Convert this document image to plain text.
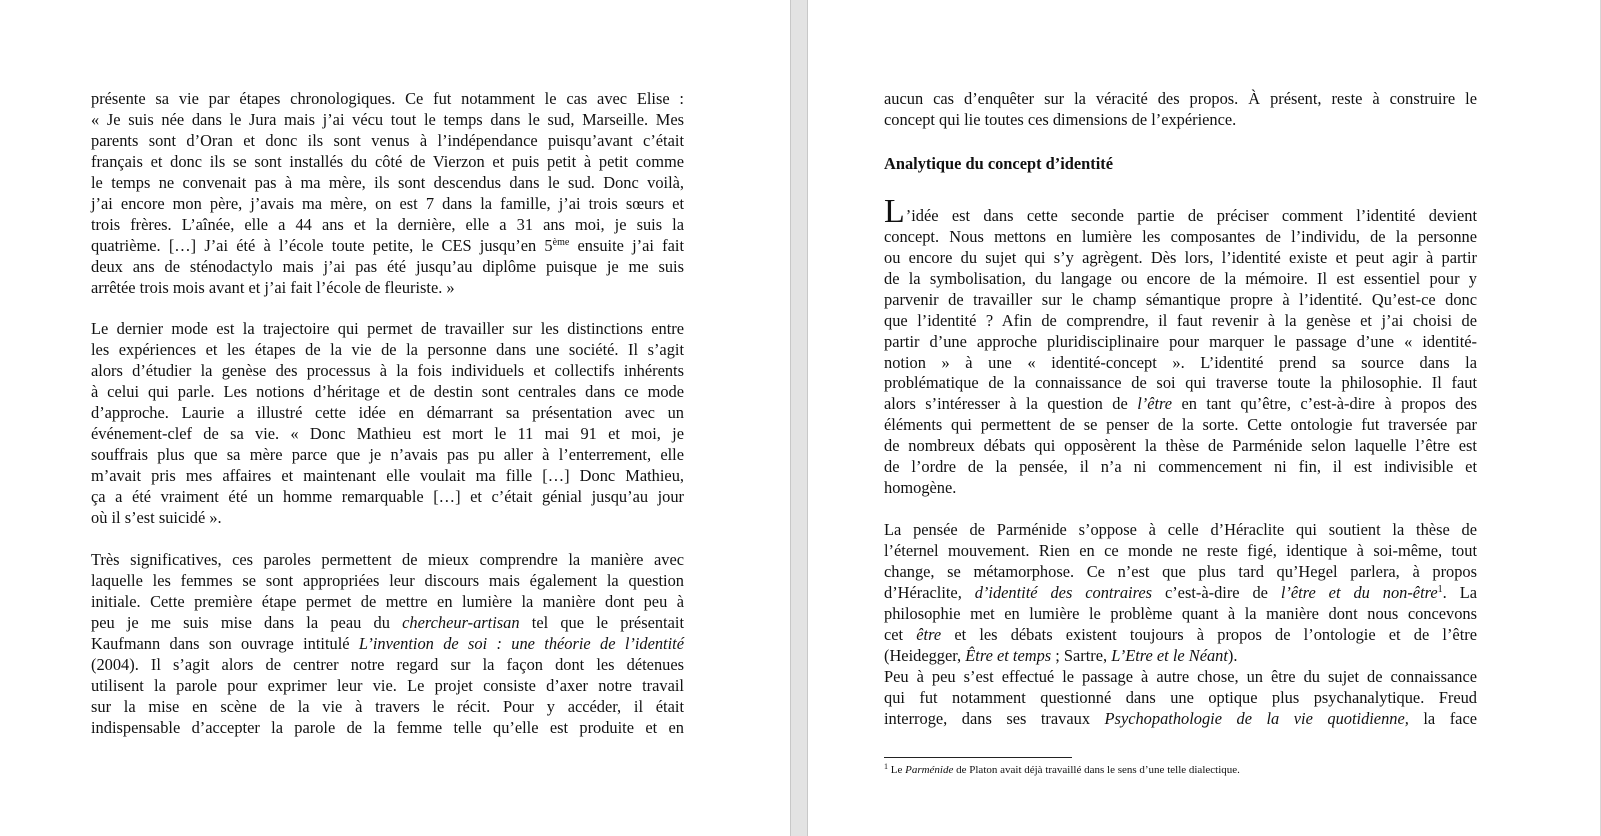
présente sa vie par étapes chronologiques. Ce fut notamment le cas avec Elise :
« Je suis née dans le Jura mais j’ai vécu tout le temps dans le sud, Marseille. Mes
parents sont d’Oran et donc ils sont venus à l’indépendance puisqu’avant c’était
français et donc ils se sont installés du côté de Vierzon et puis petit à petit comme
le temps ne convenait pas à ma mère, ils sont descendus dans le sud. Donc voilà,
j’ai encore mon père, j’avais ma mère, on est 7 dans la famille, j’ai trois sœurs et
trois frères. L’aînée, elle a 44 ans et la dernière, elle a 31 ans moi, je suis la
quatrième. […] J’ai été à l’école toute petite, le CES jusqu’en 5ème ensuite j’ai fait
deux ans de sténodactylo mais j’ai pas été jusqu’au diplôme puisque je me suis
arrêtée trois mois avant et j’ai fait l’école de fleuriste. »

Le dernier mode est la trajectoire qui permet de travailler sur les distinctions entre
les expériences et les étapes de la vie de la personne dans une société. Il s’agit
alors d’étudier la genèse des processus à la fois individuels et collectifs inhérents
à celui qui parle. Les notions d’héritage et de destin sont centrales dans ce mode
d’approche. Laurie a illustré cette idée en démarrant sa présentation avec un
événement-clef de sa vie. « Donc Mathieu est mort le 11 mai 91 et moi, je
souffrais plus que sa mère parce que je n’avais pas pu aller à l’enterrement, elle
m’avait pris mes affaires et maintenant elle voulait ma fille […] Donc Mathieu,
ça a été vraiment été un homme remarquable […] et c’était génial jusqu’au jour
où il s’est suicidé ».

Très significatives, ces paroles permettent de mieux comprendre la manière avec
laquelle les femmes se sont appropriées leur discours mais également la question
initiale. Cette première étape permet de mettre en lumière la manière dont peu à
peu je me suis mise dans la peau du chercheur-artisan tel que le présentait
Kaufmann dans son ouvrage intitulé L’invention de soi : une théorie de l’identité
(2004). Il s’agit alors de centrer notre regard sur la façon dont les détenues
utilisent la parole pour exprimer leur vie. Le projet consiste d’axer notre travail
sur la mise en scène de la vie à travers le récit. Pour y accéder, il était
indispensable d’accepter la parole de la femme telle qu’elle est produite et en

aucun cas d’enquêter sur la véracité des propos. À présent, reste à construire le
concept qui lie toutes ces dimensions de l’expérience.

Analytique du concept d’identité

L’idée est dans cette seconde partie de préciser comment l’identité devient
concept. Nous mettons en lumière les composantes de l’individu, de la personne
ou encore du sujet qui s’y agrègent. Dès lors, l’identité existe et peut agir à partir
de la symbolisation, du langage ou encore de la mémoire. Il est essentiel pour y
parvenir de travailler sur le champ sémantique propre à l’identité. Qu’est-ce donc
que l’identité ? Afin de comprendre, il faut revenir à la genèse et j’ai choisi de
partir d’une approche pluridisciplinaire pour marquer le passage d’une « identité-
notion » à une « identité-concept ». L’identité prend sa source dans la
problématique de la connaissance de soi qui traverse toute la philosophie. Il faut
alors s’intéresser à la question de l’être en tant qu’être, c’est-à-dire à propos des
éléments qui permettent de se penser de la sorte. Cette ontologie fut traversée par
de nombreux débats qui opposèrent la thèse de Parménide selon laquelle l’être est
de l’ordre de la pensée, il n’a ni commencement ni fin, il est indivisible et
homogène.

La pensée de Parménide s’oppose à celle d’Héraclite qui soutient la thèse de
l’éternel mouvement. Rien en ce monde ne reste figé, identique à soi-même, tout
change, se métamorphose. Ce n’est que plus tard qu’Hegel parlera, à propos
d’Héraclite, d’identité des contraires c’est-à-dire de l’être et du non-être$^1$. La
philosophie met en lumière le problème quant à la manière dont nous concevons
cet être et les débats existent toujours à propos de l’ontologie et de l’être
(Heidegger, Être et temps ; Sartre, L’Etre et le Néant).

Peu à peu s’est effectué le passage à autre chose, un être du sujet de connaissance
qui fut notamment questionné dans une optique plus psychanalytique. Freud
interroge, dans ses travaux Psychopathologie de la vie quotidienne, la face

$^1$ Le Parménide de Platon avait déjà travaillé dans le sens d’une telle dialectique.
